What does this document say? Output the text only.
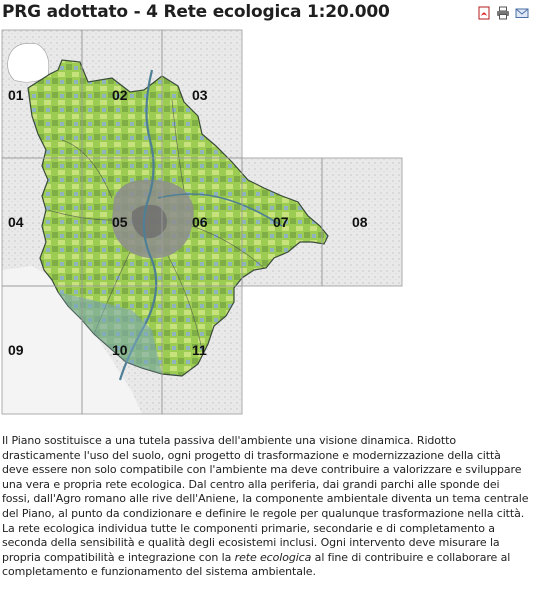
PRG adottato - 4 Rete ecologica 1:20.000
01	02	03
04	05	06	07	08
09	10	11

Il Piano sostituisce a una tutela passiva dell'ambiente una visione dinamica. Ridotto drasticamente l'uso del suolo, ogni progetto di trasformazione e modernizzazione della città deve essere non solo compatibile con l'ambiente ma deve contribuire a valorizzare e sviluppare una vera e propria rete ecologica. Dal centro alla periferia, dai grandi parchi alle sponde dei fossi, dall'Agro romano alle rive dell'Aniene, la componente ambientale diventa un tema centrale del Piano, al punto da condizionare e definire le regole per qualunque trasformazione nella città. La rete ecologica individua tutte le componenti primarie, secondarie e di completamento a seconda della sensibilità e qualità degli ecosistemi inclusi. Ogni intervento deve misurare la propria compatibilità e integrazione con la rete ecologica al fine di contribuire e collaborare al completamento e funzionamento del sistema ambientale.
